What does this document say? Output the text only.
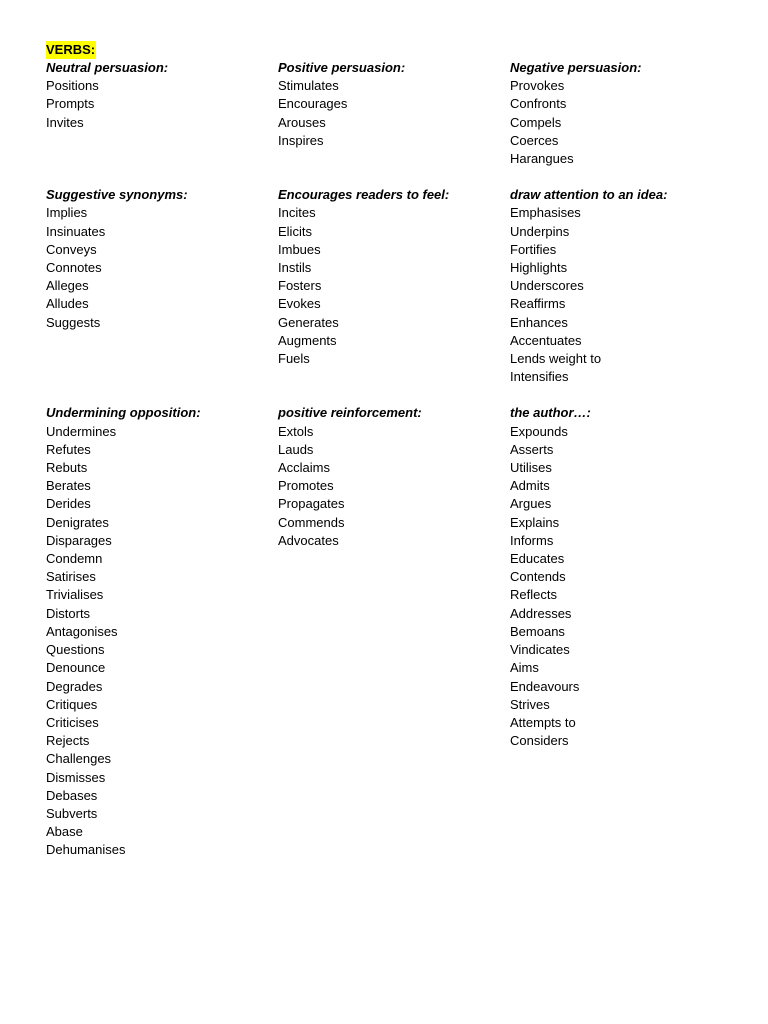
VERBS:
Neutral persuasion:
Positions
Prompts
Invites
Positive persuasion:
Stimulates
Encourages
Arouses
Inspires
Negative persuasion:
Provokes
Confronts
Compels
Coerces
Harangues
Suggestive synonyms:
Implies
Insinuates
Conveys
Connotes
Alleges
Alludes
Suggests
Encourages readers to feel:
Incites
Elicits
Imbues
Instils
Fosters
Evokes
Generates
Augments
Fuels
draw attention to an idea:
Emphasises
Underpins
Fortifies
Highlights
Underscores
Reaffirms
Enhances
Accentuates
Lends weight to
Intensifies
Undermining opposition:
Undermines
Refutes
Rebuts
Berates
Derides
Denigrates
Disparages
Condemn
Satirises
Trivialises
Distorts
Antagonises
Questions
Denounce
Degrades
Critiques
Criticises
Rejects
Challenges
Dismisses
Debases
Subverts
Abase
Dehumanises
positive reinforcement:
Extols
Lauds
Acclaims
Promotes
Propagates
Commends
Advocates
the author…:
Expounds
Asserts
Utilises
Admits
Argues
Explains
Informs
Educates
Contends
Reflects
Addresses
Bemoans
Vindicates
Aims
Endeavours
Strives
Attempts to
Considers
